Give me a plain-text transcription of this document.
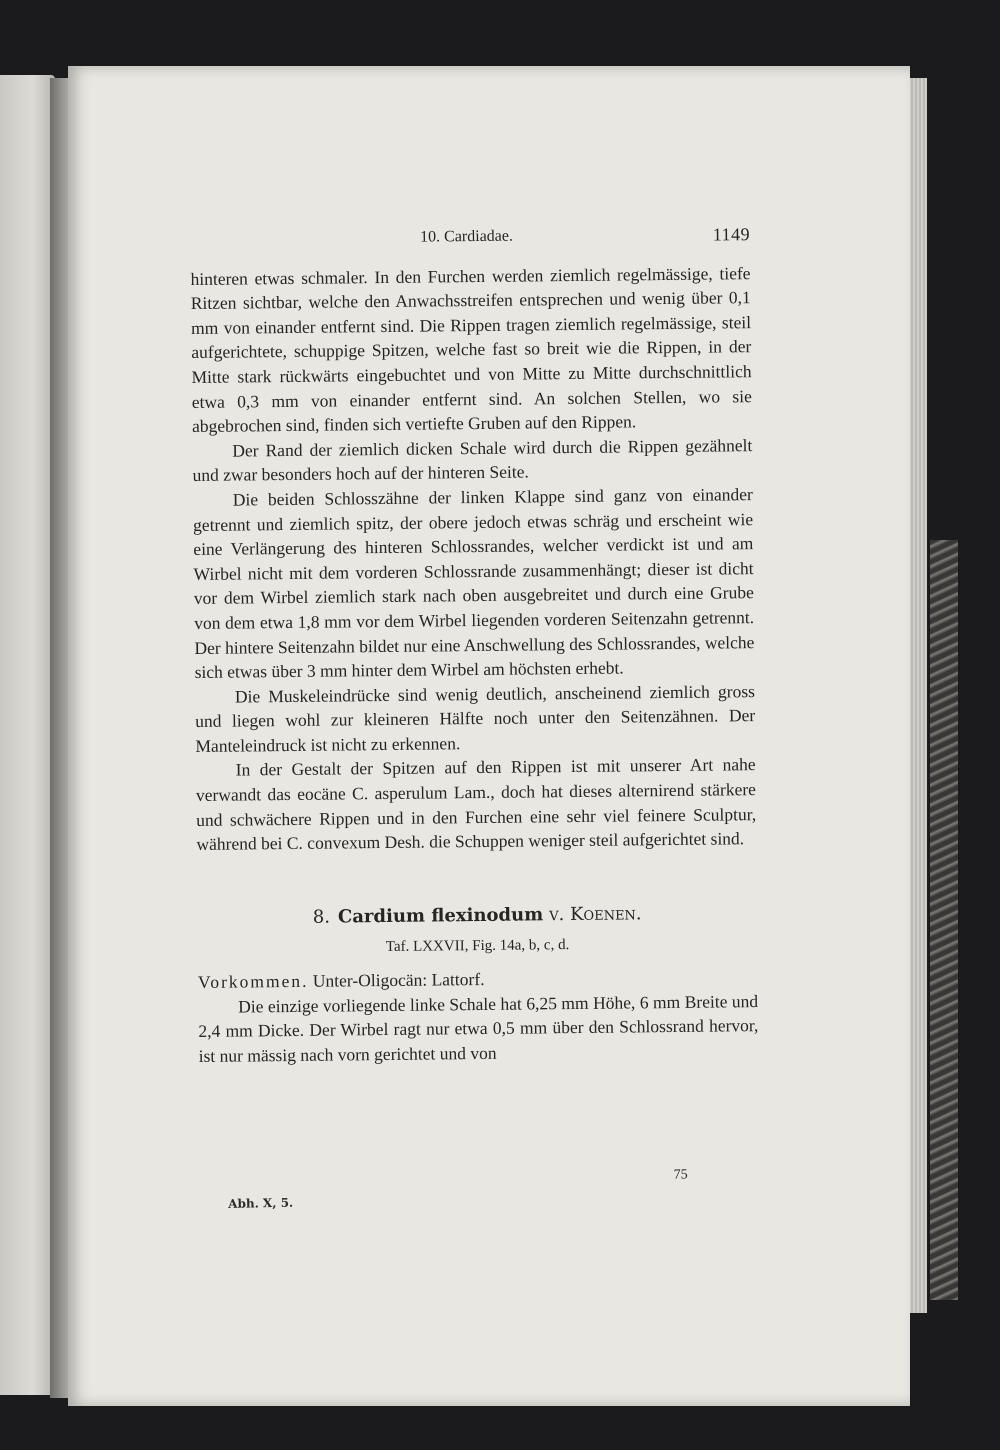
10. Cardiadae.	1149

hinteren etwas schmaler. In den Furchen werden ziemlich regelmässige, tiefe Ritzen sichtbar, welche den Anwachsstreifen entsprechen und wenig über 0,1 mm von einander entfernt sind. Die Rippen tragen ziemlich regelmässige, steil aufgerichtete, schuppige Spitzen, welche fast so breit wie die Rippen, in der Mitte stark rückwärts eingebuchtet und von Mitte zu Mitte durchschnittlich etwa 0,3 mm von einander entfernt sind. An solchen Stellen, wo sie abgebrochen sind, finden sich vertiefte Gruben auf den Rippen.

Der Rand der ziemlich dicken Schale wird durch die Rippen gezähnelt und zwar besonders hoch auf der hinteren Seite.

Die beiden Schlosszähne der linken Klappe sind ganz von einander getrennt und ziemlich spitz, der obere jedoch etwas schräg und erscheint wie eine Verlängerung des hinteren Schlossrandes, welcher verdickt ist und am Wirbel nicht mit dem vorderen Schlossrande zusammenhängt; dieser ist dicht vor dem Wirbel ziemlich stark nach oben ausgebreitet und durch eine Grube von dem etwa 1,8 mm vor dem Wirbel liegenden vorderen Seitenzahn getrennt. Der hintere Seitenzahn bildet nur eine Anschwellung des Schlossrandes, welche sich etwas über 3 mm hinter dem Wirbel am höchsten erhebt.

Die Muskeleindrücke sind wenig deutlich, anscheinend ziemlich gross und liegen wohl zur kleineren Hälfte noch unter den Seitenzähnen. Der Manteleindruck ist nicht zu erkennen.

In der Gestalt der Spitzen auf den Rippen ist mit unserer Art nahe verwandt das eocäne C. asperulum Lam., doch hat dieses alternirend stärkere und schwächere Rippen und in den Furchen eine sehr viel feinere Sculptur, während bei C. convexum Desh. die Schuppen weniger steil aufgerichtet sind.

8. Cardium flexinodum v. Koenen.

Taf. LXXVII, Fig. 14a, b, c, d.

Vorkommen. Unter-Oligocän: Lattorf.

Die einzige vorliegende linke Schale hat 6,25 mm Höhe, 6 mm Breite und 2,4 mm Dicke. Der Wirbel ragt nur etwa 0,5 mm über den Schlossrand hervor, ist nur mässig nach vorn gerichtet und von

Abh. X, 5.
75
